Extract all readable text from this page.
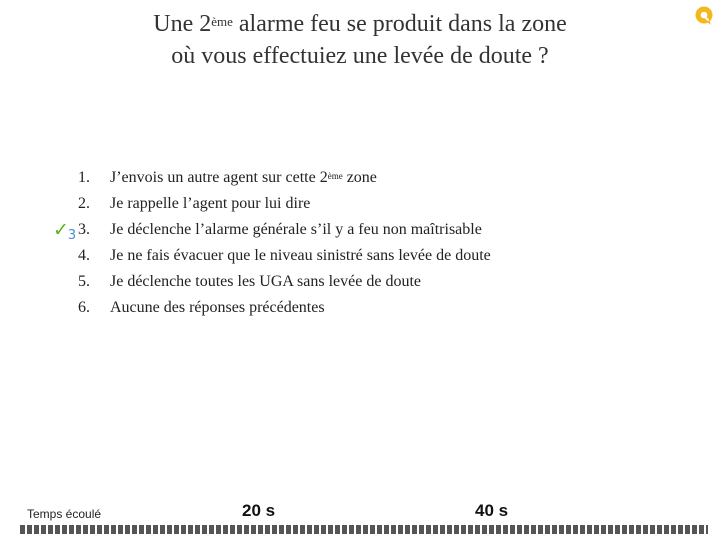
Une 2ème alarme feu se produit dans la zone
où vous effectuiez une levée de doute ?
1. J’envois un autre agent sur cette 2ème zone
2. Je rappelle l’agent pour lui dire
✓3 3. Je déclenche l’alarme générale s’il y a feu non maîtrisable
4. Je ne fais évacuer que le niveau sinistré sans levée de doute
5. Je déclenche toutes les UGA sans levée de doute
6. Aucune des réponses précédentes
Temps écoulé	20 s	40 s
